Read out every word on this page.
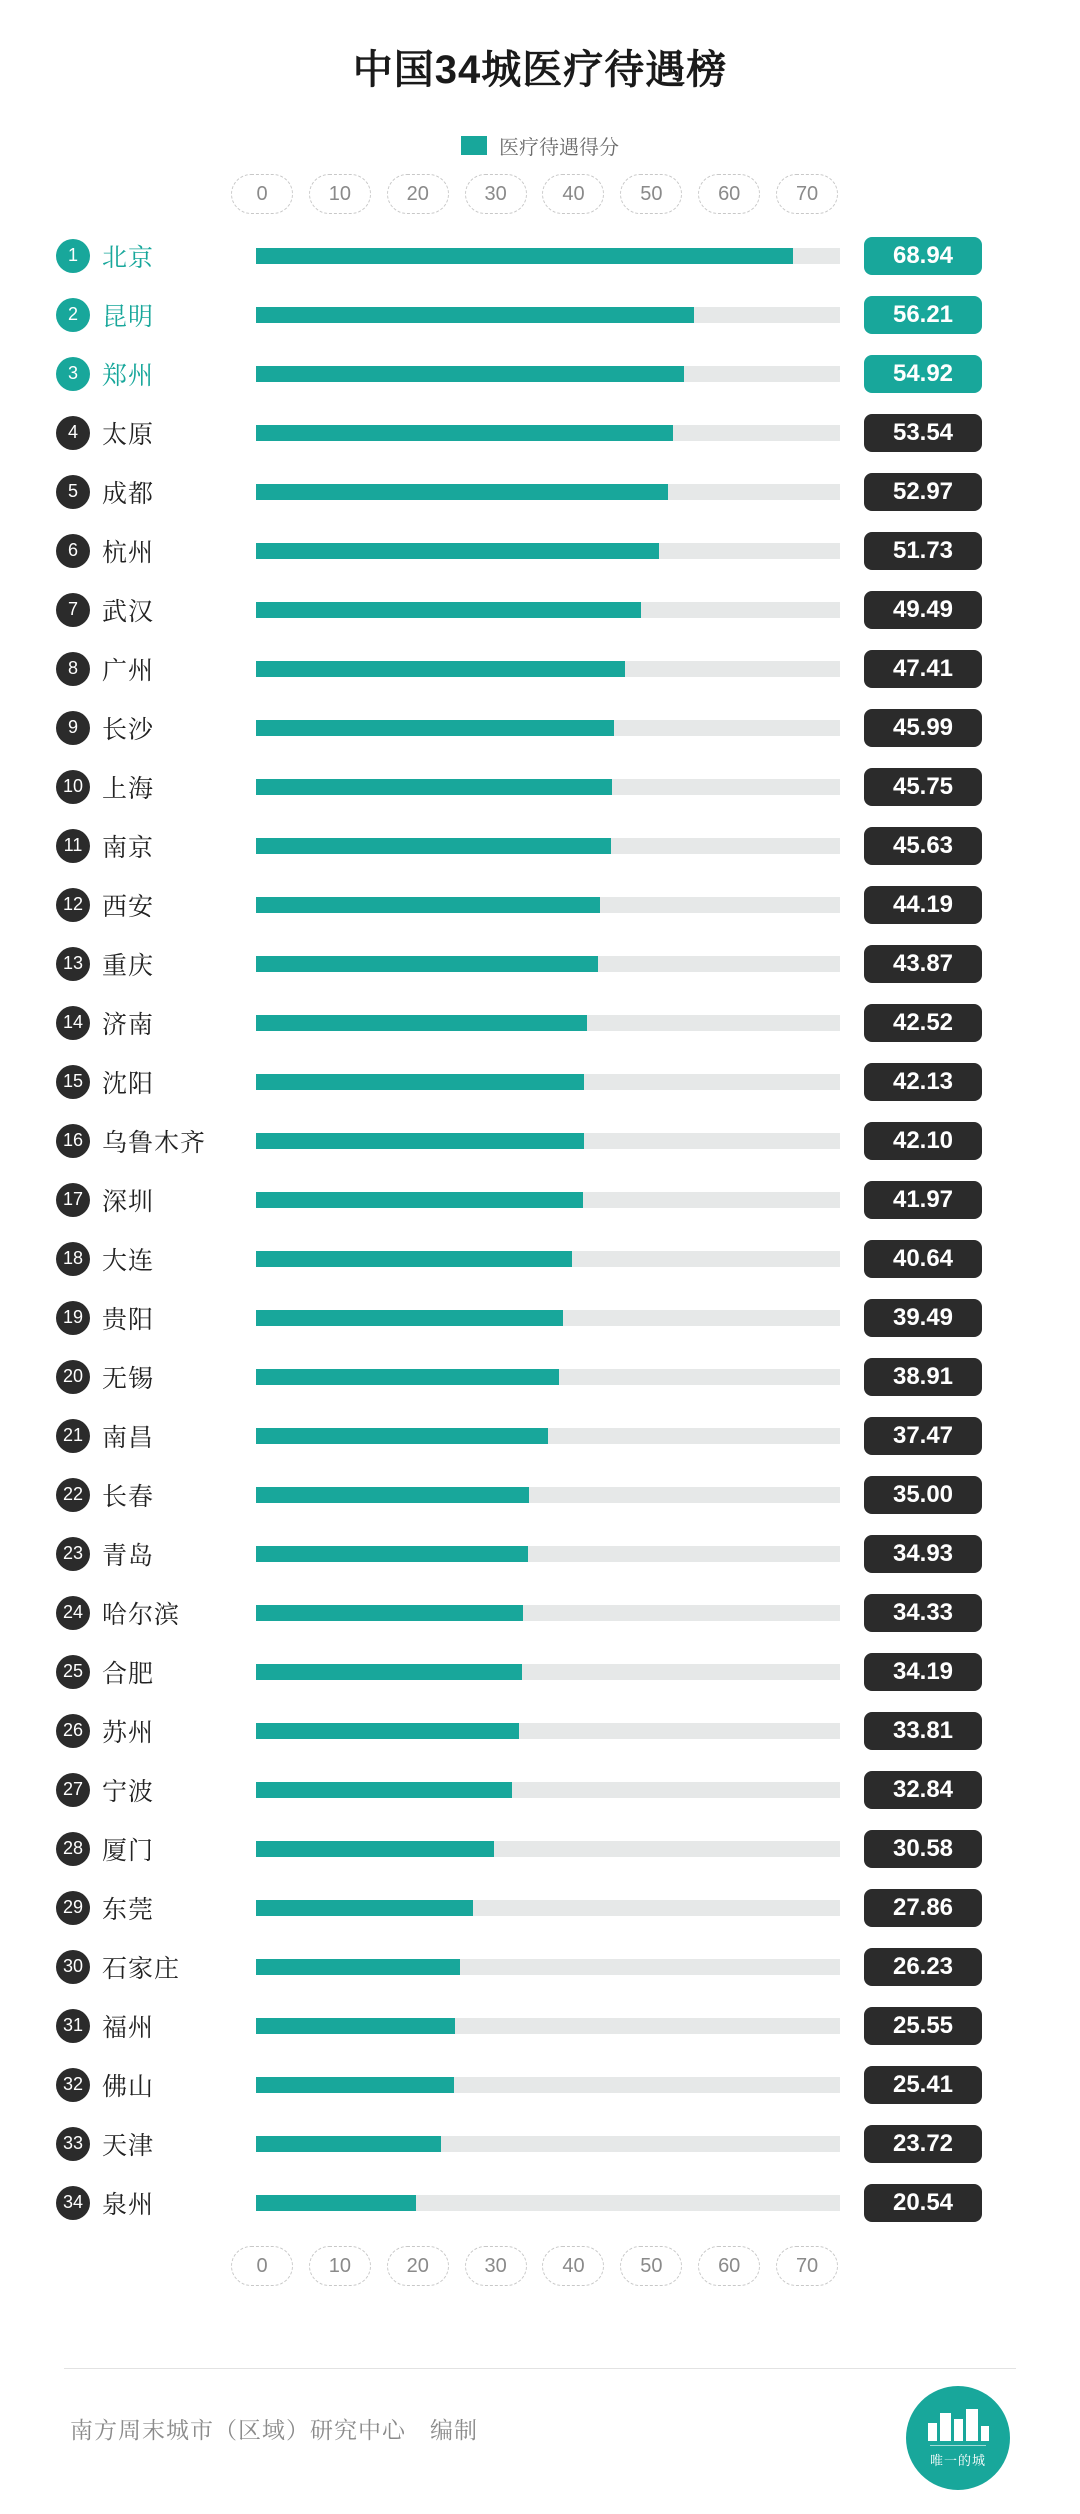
中国34城医疗待遇榜
医疗待遇得分
0	10	20	30	40	50	60	70
1 北京	68.94
2 昆明	56.21
3 郑州	54.92
4 太原	53.54
5 成都	52.97
6 杭州	51.73
7 武汉	49.49
8 广州	47.41
9 长沙	45.99
10 上海	45.75
11 南京	45.63
12 西安	44.19
13 重庆	43.87
14 济南	42.52
15 沈阳	42.13
16 乌鲁木齐	42.10
17 深圳	41.97
18 大连	40.64
19 贵阳	39.49
20 无锡	38.91
21 南昌	37.47
22 长春	35.00
23 青岛	34.93
24 哈尔滨	34.33
25 合肥	34.19
26 苏州	33.81
27 宁波	32.84
28 厦门	30.58
29 东莞	27.86
30 石家庄	26.23
31 福州	25.55
32 佛山	25.41
33 天津	23.72
34 泉州	20.54
0	10	20	30	40	50	60	70
南方周末城市（区域）研究中心　编制
唯一的城
